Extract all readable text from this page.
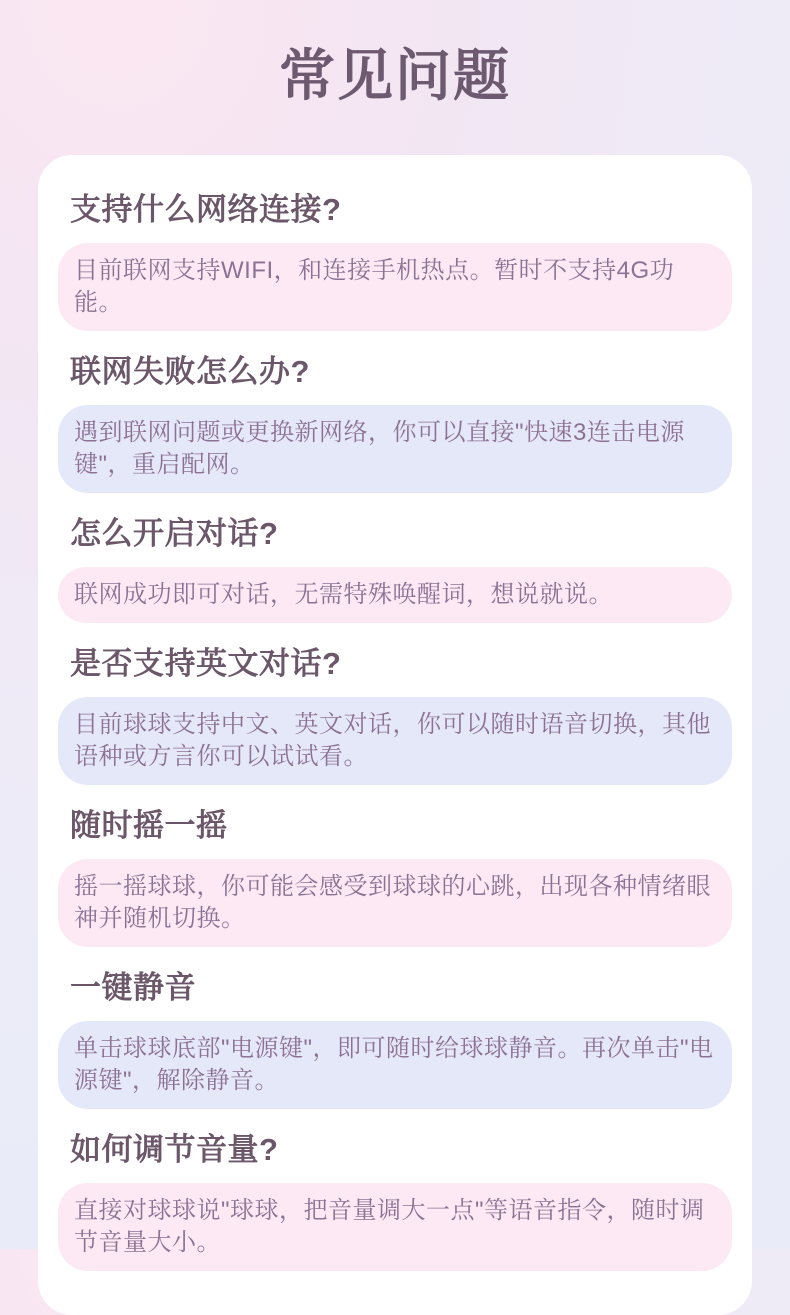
常见问题
支持什么网络连接?

目前联网支持WIFI，和连接手机热点。暂时不支持4G功能。

联网失败怎么办?

遇到联网问题或更换新网络，你可以直接"快速3连击电源键"，重启配网。

怎么开启对话?

联网成功即可对话，无需特殊唤醒词，想说就说。

是否支持英文对话?

目前球球支持中文、英文对话，你可以随时语音切换，其他语种或方言你可以试试看。

随时摇一摇

摇一摇球球，你可能会感受到球球的心跳，出现各种情绪眼神并随机切换。

一键静音

单击球球底部"电源键"，即可随时给球球静音。再次单击"电源键"，解除静音。

如何调节音量?

直接对球球说"球球，把音量调大一点"等语音指令，随时调节音量大小。
